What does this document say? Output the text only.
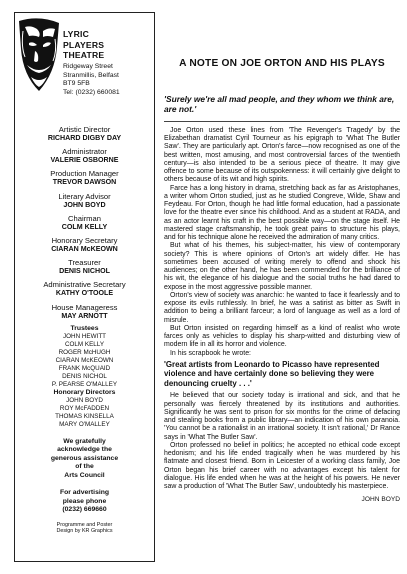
LYRIC
PLAYERS
THEATRE
Ridgeway Street
Stranmillis, Belfast
BT9 5FB
Tel: (0232) 660081
Artistic Director
RICHARD DIGBY DAY
Administrator
VALERIE OSBORNE
Production Manager
TREVOR DAWSON
Literary Advisor
JOHN BOYD
Chairman
COLM KELLY
Honorary Secretary
CIARAN McKEOWN
Treasurer
DENIS NICHOL
Administrative Secretary
KATHY O'TOOLE
House Manageress
MAY ARNOTT
Trustees
JOHN HEWITT
COLM KELLY
ROGER McHUGH
CIARAN McKEOWN
FRANK McQUAID
DENIS NICHOL
P. PEARSE O'MALLEY
Honorary Directors
JOHN BOYD
ROY McFADDEN
THOMAS KINSELLA
MARY O'MALLEY
We gratefully
acknowledge the
generous assistance
of the
Arts Council
For advertising
please phone
(0232) 669660
Programme and Poster
Design by KR Graphics
A NOTE ON JOE ORTON AND HIS PLAYS

'Surely we're all mad people, and they whom we think are, are not.'

Joe Orton used these lines from 'The Revenger's Tragedy' by the Elizabethan dramatist Cyril Tourneur as his epigraph to 'What The Butler Saw'. They are particularly apt. Orton's farce—now recognised as one of the best written, most amusing, and most controversial farces of the twentieth century—is also intended to be a serious piece of theatre. It may give offence to some because of its outspokenness: it will certainly give delight to others because of its wit and high spirits.

Farce has a long history in drama, stretching back as far as Aristophanes, a writer whom Orton studied, just as he studied Congreve, Wilde, Shaw and Feydeau. For Orton, though he had little formal education, had a passionate love for the theatre ever since his childhood. And as a student at RADA, and as an actor learnt his craft in the best possible way—on the stage itself. He mastered stage craftsmanship, he took great pains to structure his plays, and for his technique alone he received the admiration of many critics.

But what of his themes, his subject-matter, his view of contemporary society? This is where opinions of Orton's art widely differ. He has sometimes been accused of writing merely to offend and shock his audiences; on the other hand, he has been commended for the brilliance of his wit, the elegance of his dialogue and the social truths he had dared to expose in the most aggressive possible manner.

Orton's view of society was anarchic: he wanted to face it fearlessly and to expose its evils ruthlessly. In brief, he was a satirist as bitter as Swift in addition to being a brilliant farceur; a lord of language as well as a lord of misrule.

But Orton insisted on regarding himself as a kind of realist who wrote farces only as vehicles to display his sharp-witted and disturbing view of modern life in all its horror and violence.

In his scrapbook he wrote:

'Great artists from Leonardo to Picasso have represented violence and have certainly done so believing they were denouncing cruelty . . .'

He believed that our society today is irrational and sick, and that he personally was fiercely threatened by its institutions and authorities. Significantly he was sent to prison for six months for the crime of defacing and stealing books from a public library—an indication of his own paranoia. 'You cannot be a rationalist in an irrational society. It isn't rational,' Dr Rance says in 'What The Butler Saw'.

Orton professed no belief in politics; he accepted no ethical code except hedonism; and his life ended tragically when he was murdered by his flatmate and closest friend. Born in Leicester of a working class family, Joe Orton began his brief career with no advantages except his talent for dialogue. His life ended when he was at the height of his powers. He never saw a production of 'What The Butler Saw', undoubtedly his masterpiece.

JOHN BOYD
